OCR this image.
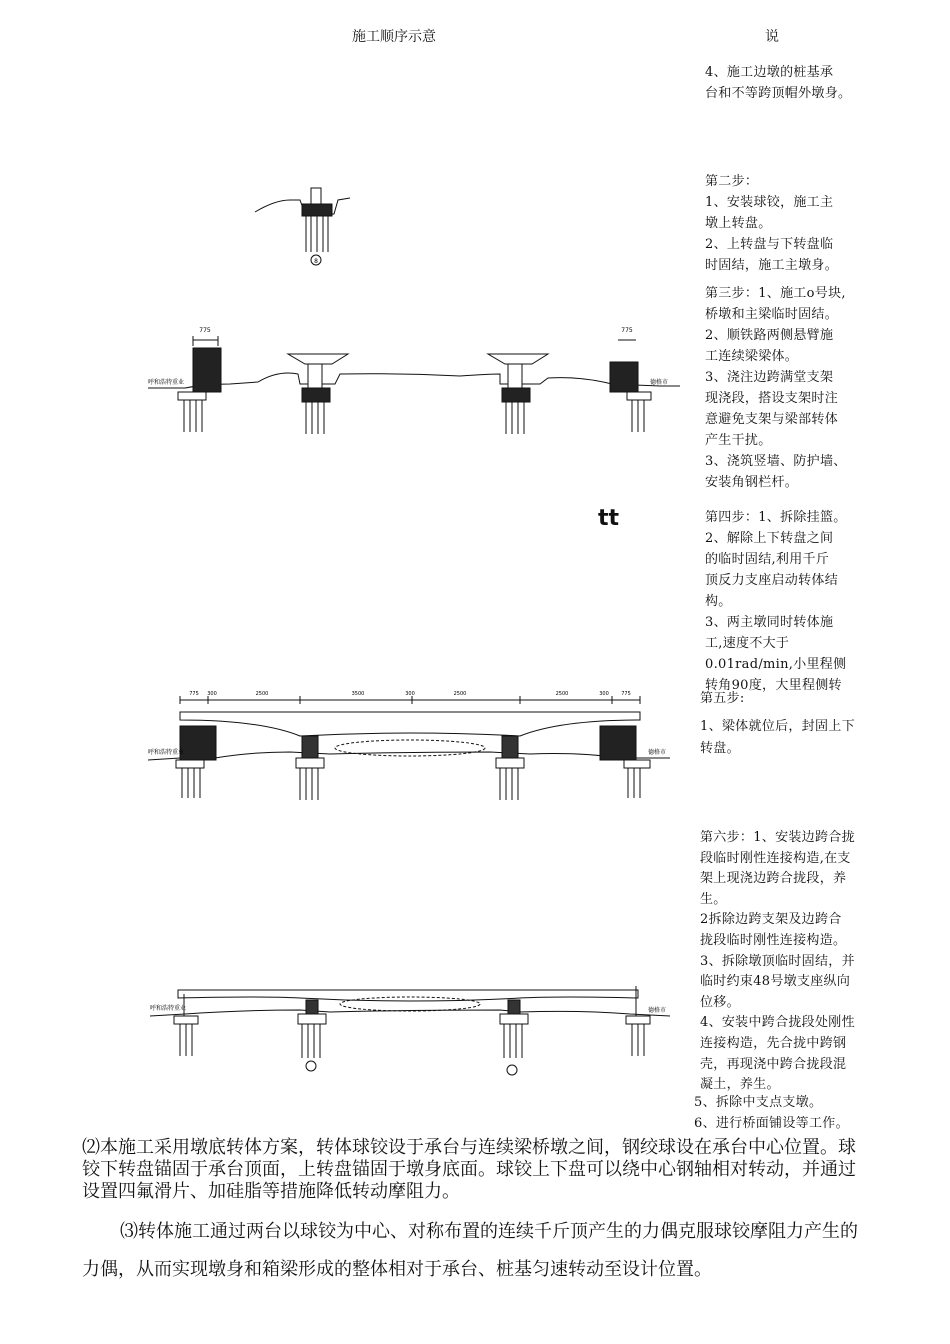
施工顺序示意	说
4、施工边墩的桩基承
台和不等跨顶帽外墩身。
第二步：
1、安装球铰，施工主
墩上转盘。
2、上转盘与下转盘临
时固结，施工主墩身。
第三步：1、施工o号块,
桥墩和主梁临时固结。
2、顺铁路两侧悬臂施
工连续梁梁体。
3、浇注边跨满堂支架
现浇段，搭设支架时注
意避免支架与梁部转体
产生干扰。
3、浇筑竖墙、防护墙、
安装角钢栏杆。
第四步：1、拆除挂篮。
2、解除上下转盘之间
的临时固结,利用千斤
顶反力支座启动转体结
构。
3、两主墩同时转体施
工,速度不大于
0.01rad/min,小里程侧
转角90度，大里程侧转
第五步:
1、梁体就位后，封固上下
转盘。
第六步：1、安装边跨合拢
段临时刚性连接构造,在支
架上现浇边跨合拢段，养
生。
2拆除边跨支架及边跨合
拢段临时刚性连接构造。
3、拆除墩顶临时固结，并
临时约束48号墩支座纵向
位移。
4、安装中跨合拢段处刚性
连接构造，先合拢中跨钢
壳，再现浇中跨合拢段混
凝土，养生。
5、拆除中支点支墩。
6、进行桥面铺设等工作。
tt
8
775	775
呼和浩特重业	德格市
775 300	2500	3500	300	2500	2500	300 775
呼和浩特重业	德格市
呼和浩特重业	德格市
⑵本施工采用墩底转体方案，转体球铰设于承台与连续梁桥墩之间，钢绞球设在承台中心位置。球铰下转盘锚固于承台顶面，上转盘锚固于墩身底面。球铰上下盘可以绕中心钢轴相对转动，并通过设置四氟滑片、加硅脂等措施降低转动摩阻力。
⑶转体施工通过两台以球铰为中心、对称布置的连续千斤顶产生的力偶克服球铰摩阻力产生的力偶，从而实现墩身和箱梁形成的整体相对于承台、桩基匀速转动至设计位置。
